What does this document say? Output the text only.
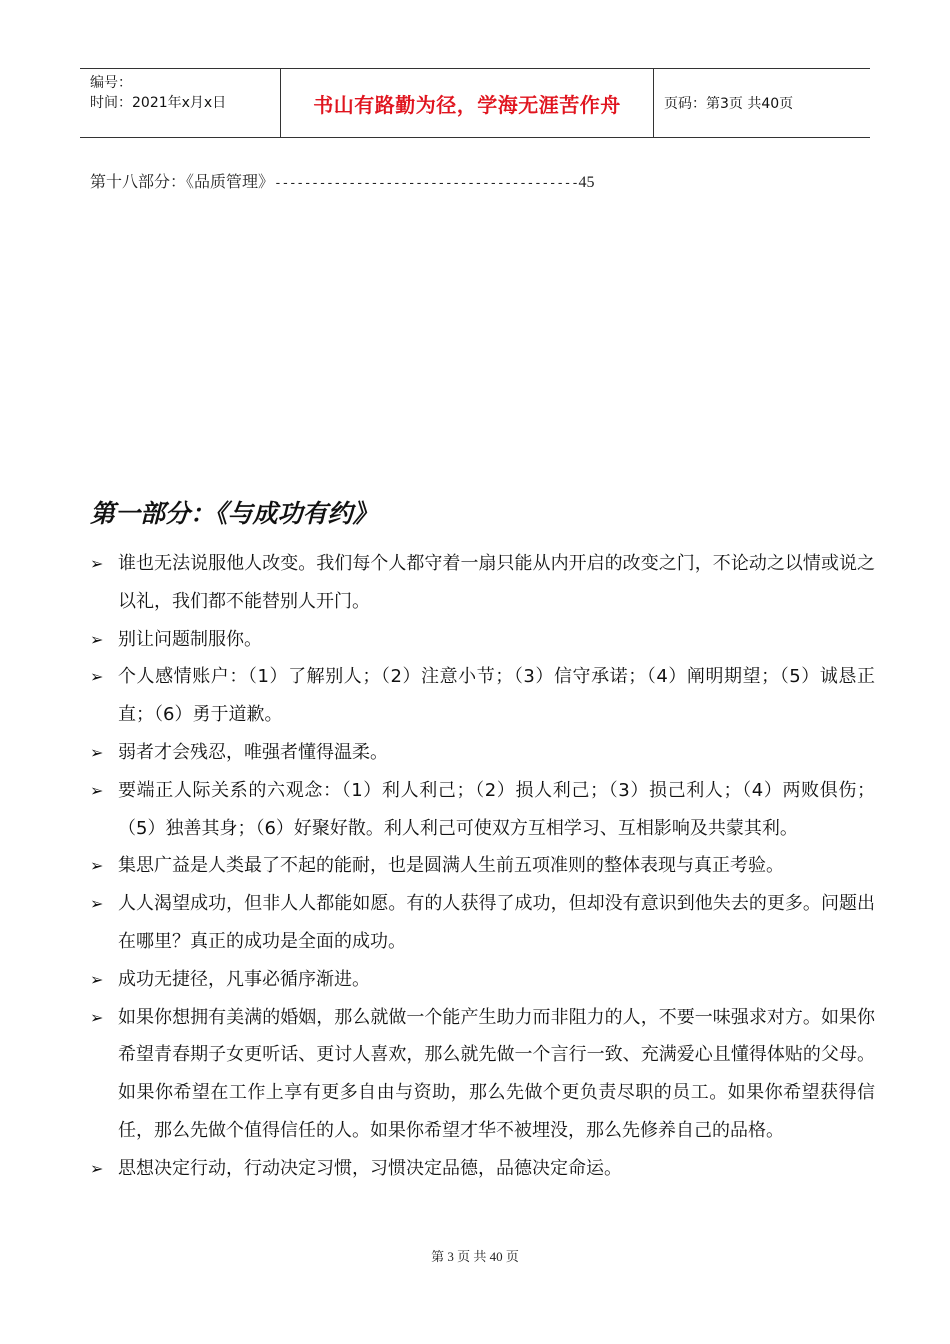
编号：
时间：2021年x月x日	书山有路勤为径，学海无涯苦作舟	页码：第3页 共40页
第十八部分：《品质管理》-----------------------------------------45
第一部分：《与成功有约》
➢ 谁也无法说服他人改变。我们每个人都守着一扇只能从内开启的改变之门，不论动之以情或说之以礼，我们都不能替别人开门。
➢ 别让问题制服你。
➢ 个人感情账户：（1）了解别人；（2）注意小节；（3）信守承诺；（4）阐明期望；（5）诚恳正直；（6）勇于道歉。
➢ 弱者才会残忍，唯强者懂得温柔。
➢ 要端正人际关系的六观念：（1）利人利己；（2）损人利己；（3）损己利人；（4）两败俱伤；（5）独善其身；（6）好聚好散。利人利己可使双方互相学习、互相影响及共蒙其利。
➢ 集思广益是人类最了不起的能耐，也是圆满人生前五项准则的整体表现与真正考验。
➢ 人人渴望成功，但非人人都能如愿。有的人获得了成功，但却没有意识到他失去的更多。问题出在哪里？真正的成功是全面的成功。
➢ 成功无捷径，凡事必循序渐进。
➢ 如果你想拥有美满的婚姻，那么就做一个能产生助力而非阻力的人，不要一味强求对方。如果你希望青春期子女更听话、更讨人喜欢，那么就先做一个言行一致、充满爱心且懂得体贴的父母。如果你希望在工作上享有更多自由与资助，那么先做个更负责尽职的员工。如果你希望获得信任，那么先做个值得信任的人。如果你希望才华不被埋没，那么先修养自己的品格。
➢ 思想决定行动，行动决定习惯，习惯决定品德，品德决定命运。
第 3 页 共 40 页
